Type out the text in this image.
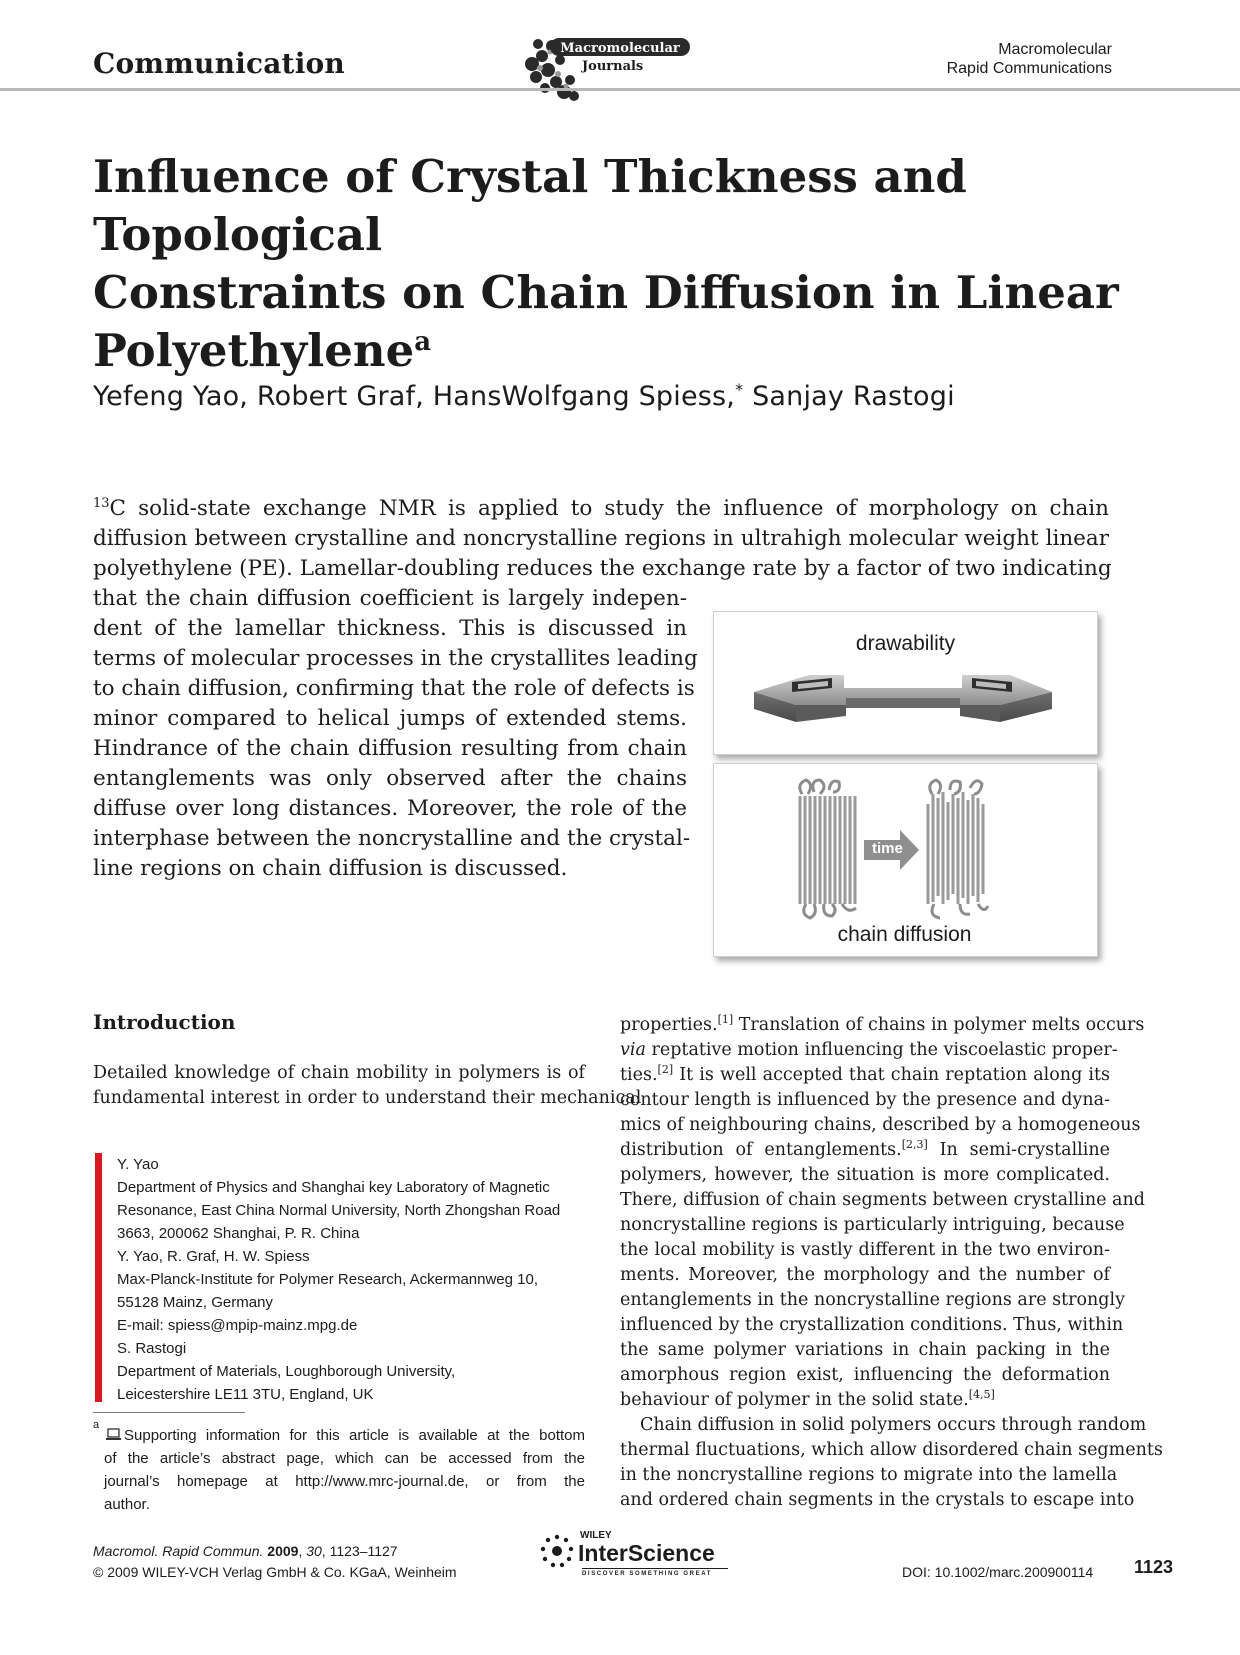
Communication	Macromolecular
Journals
Macromolecular
Rapid Communications
Influence of Crystal Thickness and Topological
Constraints on Chain Diffusion in Linear
Polyethylene$^a$
Yefeng Yao, Robert Graf, HansWolfgang Spiess,* Sanjay Rastogi
$^{13}$C solid-state exchange NMR is applied to study the influence of morphology on chain
diffusion between crystalline and noncrystalline regions in ultrahigh molecular weight linear
polyethylene (PE). Lamellar-doubling reduces the exchange rate by a factor of two indicating
that the chain diffusion coefficient is largely indepen-
dent of the lamellar thickness. This is discussed in
terms of molecular processes in the crystallites leading
to chain diffusion, confirming that the role of defects is
minor compared to helical jumps of extended stems.
Hindrance of the chain diffusion resulting from chain
entanglements was only observed after the chains
diffuse over long distances. Moreover, the role of the
interphase between the noncrystalline and the crystal-
line regions on chain diffusion is discussed.
drawability
time
chain diffusion
Introduction
Detailed knowledge of chain mobility in polymers is of
fundamental interest in order to understand their mechanical
Y. Yao
Department of Physics and Shanghai key Laboratory of Magnetic
Resonance, East China Normal University, North Zhongshan Road
3663, 200062 Shanghai, P. R. China
Y. Yao, R. Graf, H. W. Spiess
Max-Planck-Institute for Polymer Research, Ackermannweg 10,
55128 Mainz, Germany
E-mail: spiess@mpip-mainz.mpg.de
S. Rastogi
Department of Materials, Loughborough University,
Leicestershire LE11 3TU, England, UK
a
Supporting information for this article is available at the bottom
of the article’s abstract page, which can be accessed from the
journal’s homepage at http://www.mrc-journal.de, or from the
author.
properties.[1] Translation of chains in polymer melts occurs
via reptative motion influencing the viscoelastic proper-
ties.[2] It is well accepted that chain reptation along its
contour length is influenced by the presence and dyna-
mics of neighbouring chains, described by a homogeneous
distribution of entanglements.[2,3] In semi-crystalline
polymers, however, the situation is more complicated.
There, diffusion of chain segments between crystalline and
noncrystalline regions is particularly intriguing, because
the local mobility is vastly different in the two environ-
ments. Moreover, the morphology and the number of
entanglements in the noncrystalline regions are strongly
influenced by the crystallization conditions. Thus, within
the same polymer variations in chain packing in the
amorphous region exist, influencing the deformation
behaviour of polymer in the solid state.[4,5]
Chain diffusion in solid polymers occurs through random
thermal fluctuations, which allow disordered chain segments
in the noncrystalline regions to migrate into the lamella
and ordered chain segments in the crystals to escape into
Macromol. Rapid Commun. 2009, 30, 1123–1127
© 2009 WILEY-VCH Verlag GmbH & Co. KGaA, Weinheim
WILEY
InterScience
DISCOVER SOMETHING GREAT	DOI: 10.1002/marc.200900114 1123
